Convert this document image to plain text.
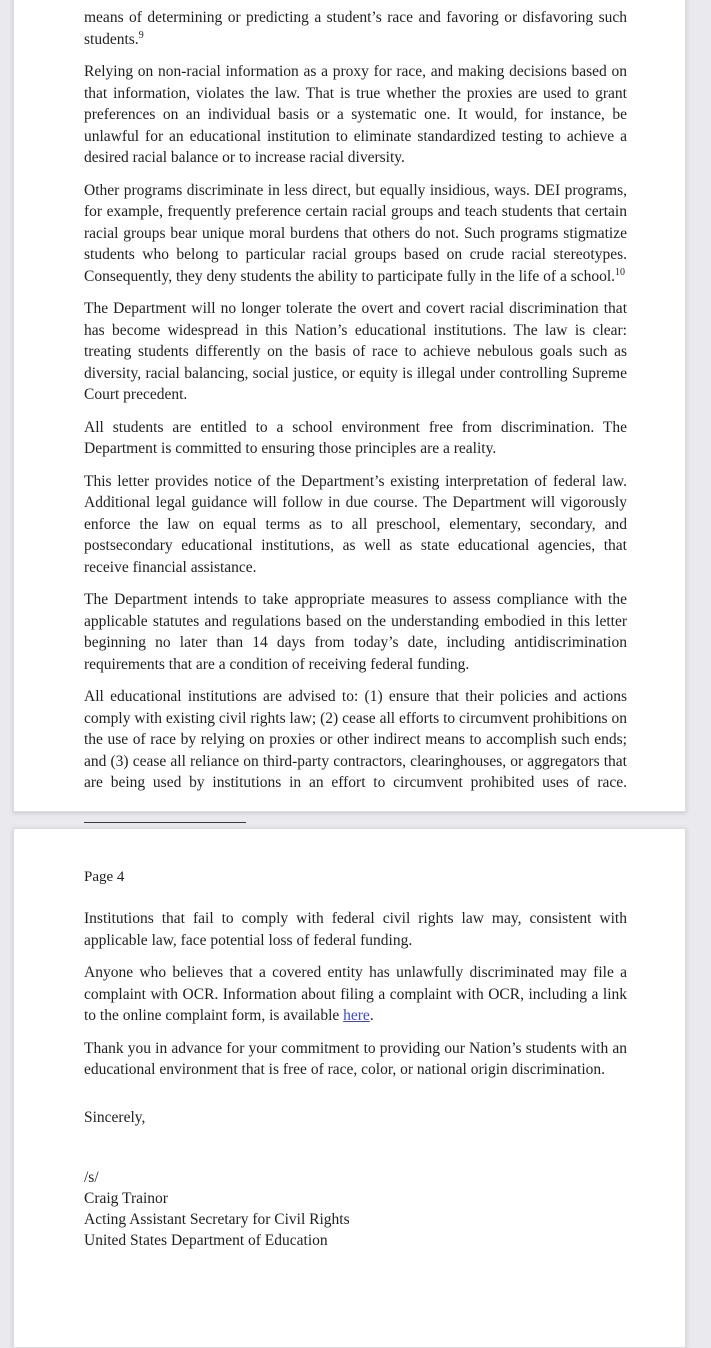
means of determining or predicting a student’s race and favoring or disfavoring such students.$^9$

Relying on non-racial information as a proxy for race, and making decisions based on that information, violates the law. That is true whether the proxies are used to grant preferences on an individual basis or a systematic one. It would, for instance, be unlawful for an educational institution to eliminate standardized testing to achieve a desired racial balance or to increase racial diversity.

Other programs discriminate in less direct, but equally insidious, ways. DEI programs, for example, frequently preference certain racial groups and teach students that certain racial groups bear unique moral burdens that others do not. Such programs stigmatize students who belong to particular racial groups based on crude racial stereotypes. Consequently, they deny students the ability to participate fully in the life of a school.$^{10}$

The Department will no longer tolerate the overt and covert racial discrimination that has become widespread in this Nation’s educational institutions. The law is clear: treating students differently on the basis of race to achieve nebulous goals such as diversity, racial balancing, social justice, or equity is illegal under controlling Supreme Court precedent.

All students are entitled to a school environment free from discrimination. The Department is committed to ensuring those principles are a reality.

This letter provides notice of the Department’s existing interpretation of federal law. Additional legal guidance will follow in due course. The Department will vigorously enforce the law on equal terms as to all preschool, elementary, secondary, and postsecondary educational institutions, as well as state educational agencies, that receive financial assistance.

The Department intends to take appropriate measures to assess compliance with the applicable statutes and regulations based on the understanding embodied in this letter beginning no later than 14 days from today’s date, including antidiscrimination requirements that are a condition of receiving federal funding.

All educational institutions are advised to: (1) ensure that their policies and actions comply with existing civil rights law; (2) cease all efforts to circumvent prohibitions on the use of race by relying on proxies or other indirect means to accomplish such ends; and (3) cease all reliance on third-party contractors, clearinghouses, or aggregators that are being used by institutions in an effort to circumvent prohibited uses of race.

Page 4

Institutions that fail to comply with federal civil rights law may, consistent with applicable law, face potential loss of federal funding.

Anyone who believes that a covered entity has unlawfully discriminated may file a complaint with OCR. Information about filing a complaint with OCR, including a link to the online complaint form, is available here.

Thank you in advance for your commitment to providing our Nation’s students with an educational environment that is free of race, color, or national origin discrimination.

Sincerely,

/s/
Craig Trainor
Acting Assistant Secretary for Civil Rights
United States Department of Education
